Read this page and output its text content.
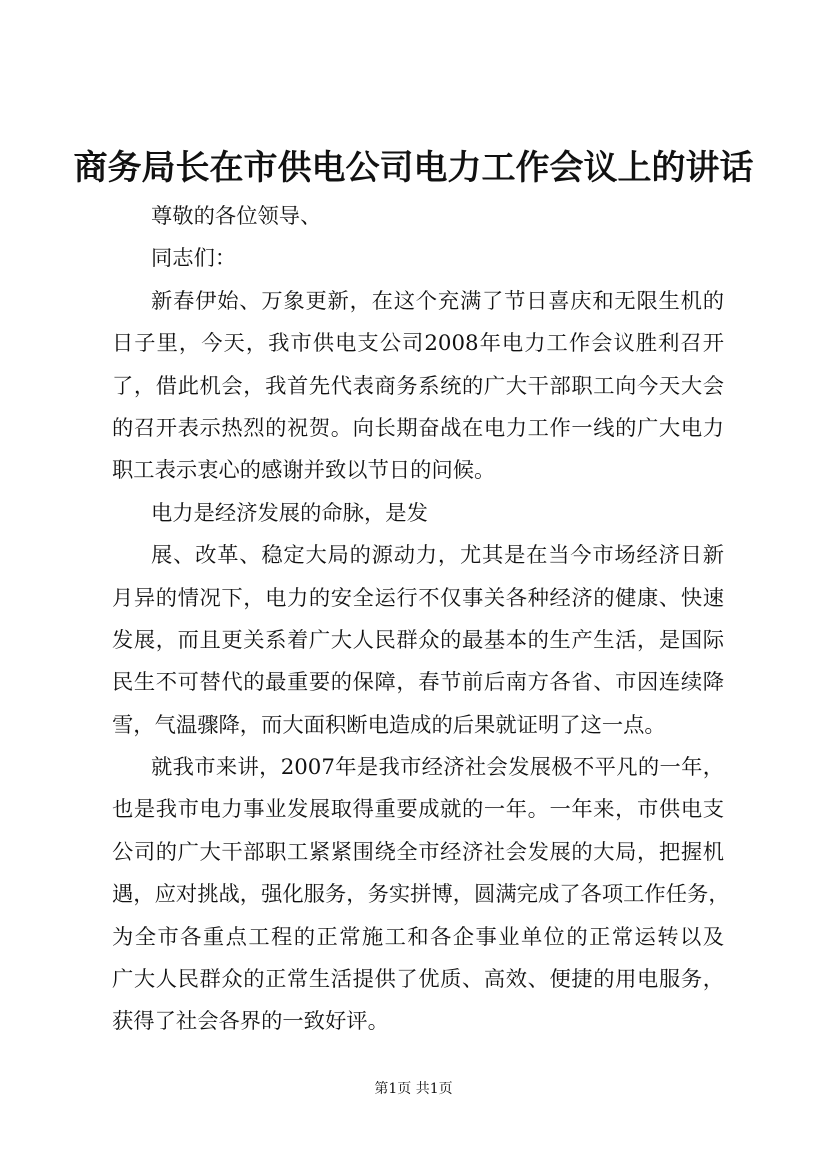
商务局长在市供电公司电力工作会议上的讲话
尊敬的各位领导、
同志们：
新春伊始、万象更新，在这个充满了节日喜庆和无限生机的
日子里，今天，我市供电支公司2008年电力工作会议胜利召开
了，借此机会，我首先代表商务系统的广大干部职工向今天大会
的召开表示热烈的祝贺。向长期奋战在电力工作一线的广大电力
职工表示衷心的感谢并致以节日的问候。
电力是经济发展的命脉，是发
展、改革、稳定大局的源动力，尤其是在当今市场经济日新
月异的情况下，电力的安全运行不仅事关各种经济的健康、快速
发展，而且更关系着广大人民群众的最基本的生产生活，是国际
民生不可替代的最重要的保障，春节前后南方各省、市因连续降
雪，气温骤降，而大面积断电造成的后果就证明了这一点。
就我市来讲，2007年是我市经济社会发展极不平凡的一年，
也是我市电力事业发展取得重要成就的一年。一年来，市供电支
公司的广大干部职工紧紧围绕全市经济社会发展的大局，把握机
遇，应对挑战，强化服务，务实拼博，圆满完成了各项工作任务，
为全市各重点工程的正常施工和各企事业单位的正常运转以及
广大人民群众的正常生活提供了优质、高效、便捷的用电服务，
获得了社会各界的一致好评。
第1页 共1页
